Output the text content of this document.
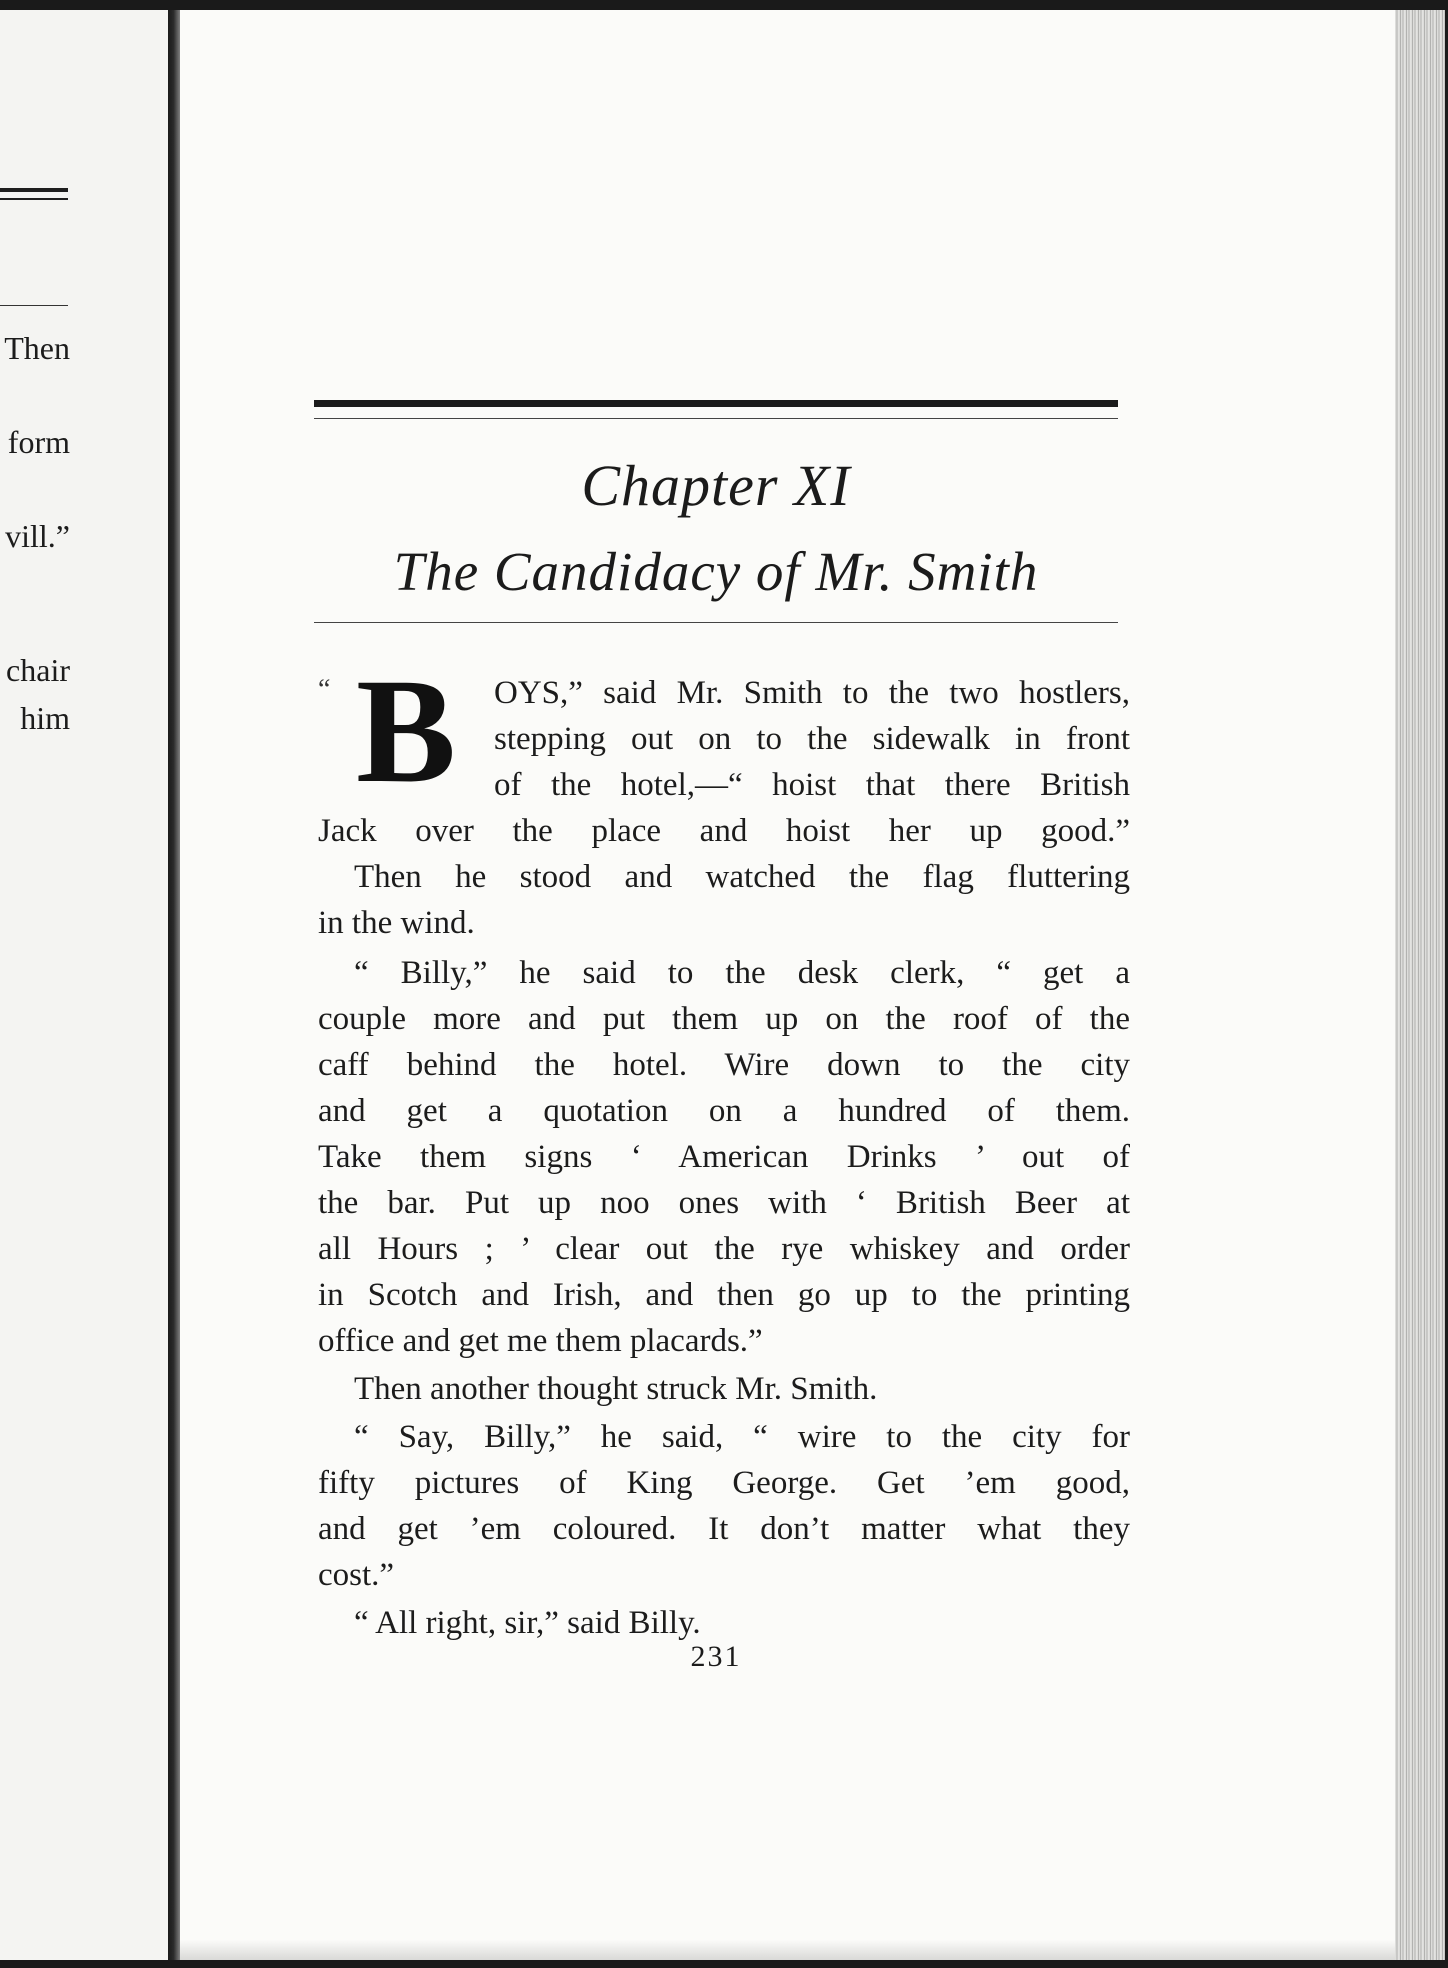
Then
form
vill.”
chair
him
Chapter XI
The Candidacy of Mr. Smith
“ B OYS,” said Mr. Smith to the two hostlers,
stepping out on to the sidewalk in front
of the hotel,—“ hoist that there British
Jack over the place and hoist her up good.”
Then he stood and watched the flag fluttering
in the wind.
“ Billy,” he said to the desk clerk, “ get a
couple more and put them up on the roof of the
caff behind the hotel. Wire down to the city
and get a quotation on a hundred of them.
Take them signs ‘ American Drinks ’ out of
the bar. Put up noo ones with ‘ British Beer at
all Hours ; ’ clear out the rye whiskey and order
in Scotch and Irish, and then go up to the printing
office and get me them placards.”
Then another thought struck Mr. Smith.
“ Say, Billy,” he said, “ wire to the city for
fifty pictures of King George. Get ’em good,
and get ’em coloured. It don’t matter what they
cost.”
“ All right, sir,” said Billy.
231
